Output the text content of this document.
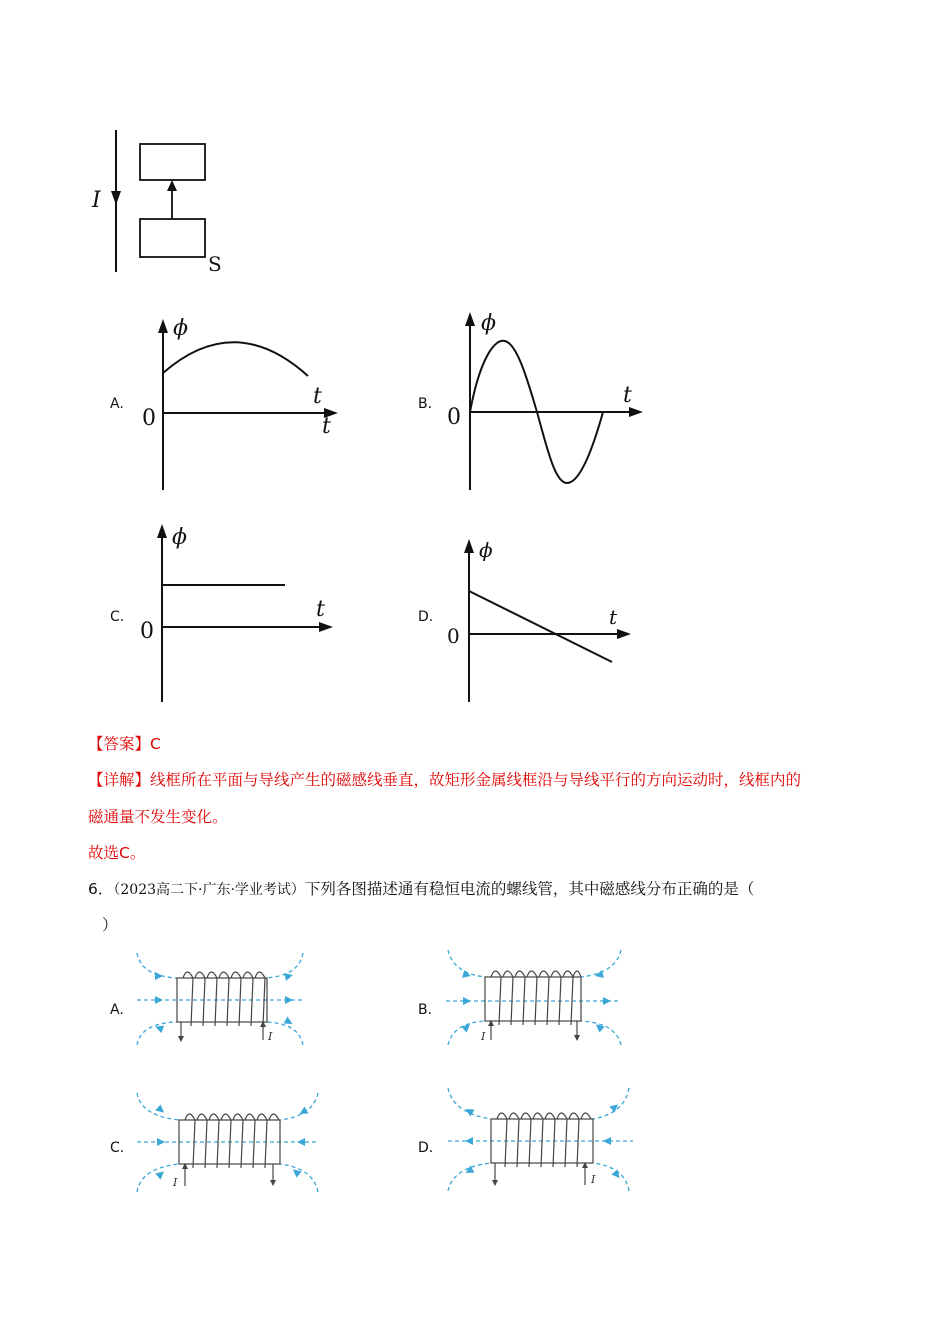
I
S
A.
ϕ
t
t
0
B.
ϕ
t
0
C.
ϕ
t
0
D.
ϕ
t
0
【答案】C
【详解】线框所在平面与导线产生的磁感线垂直，故矩形金属线框沿与导线平行的方向运动时，线框内的
磁通量不发生变化。
故选C。
6．（2023高二下·广东·学业考试）下列各图描述通有稳恒电流的螺线管，其中磁感线分布正确的是（
）
A.
I
B.
I
C.
I
D.
I
